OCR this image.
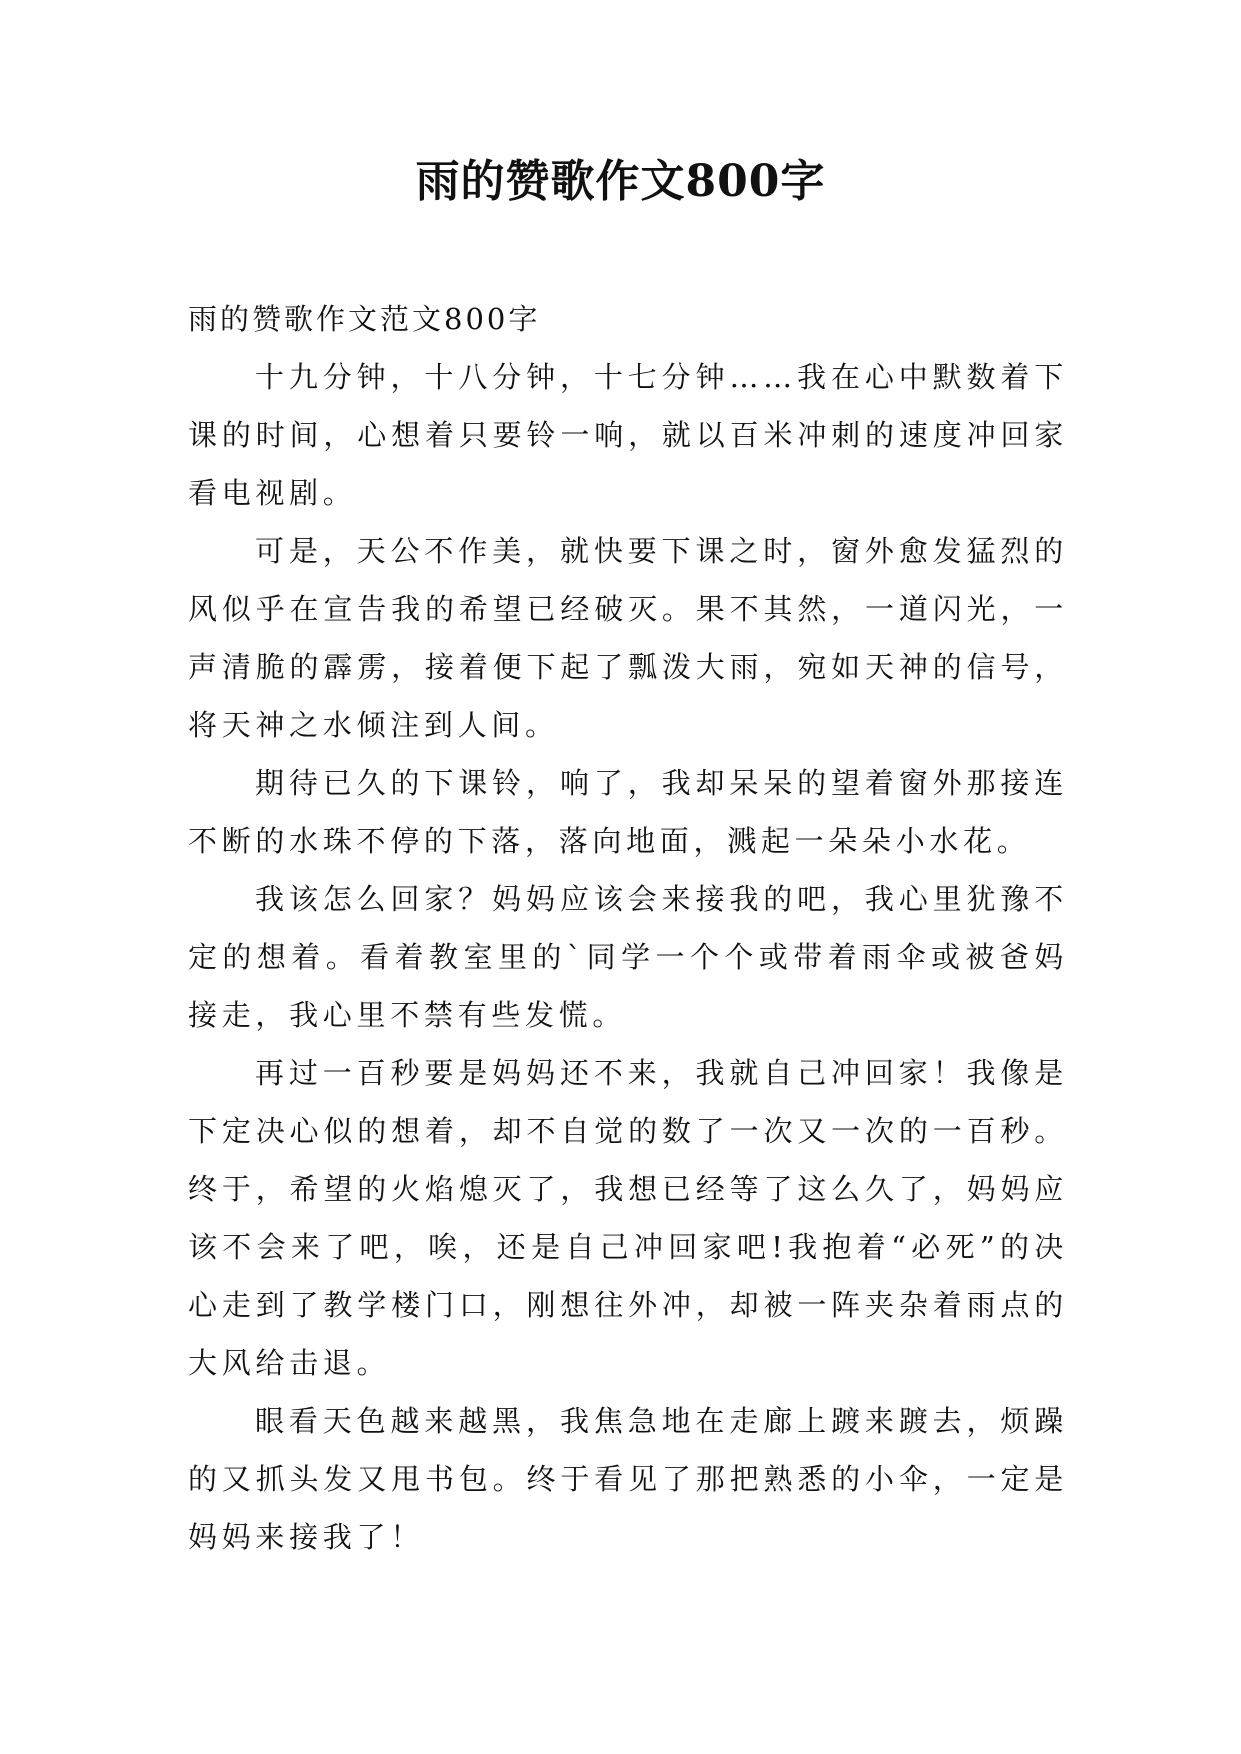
雨的赞歌作文800字

雨的赞歌作文范文800字

十九分钟，十八分钟，十七分钟……我在心中默数着下课的时间，心想着只要铃一响，就以百米冲刺的速度冲回家看电视剧。

可是，天公不作美，就快要下课之时，窗外愈发猛烈的风似乎在宣告我的希望已经破灭。果不其然，一道闪光，一声清脆的霹雳，接着便下起了瓢泼大雨，宛如天神的信号，将天神之水倾注到人间。

期待已久的下课铃，响了，我却呆呆的望着窗外那接连不断的水珠不停的下落，落向地面，溅起一朵朵小水花。

我该怎么回家？妈妈应该会来接我的吧，我心里犹豫不定的想着。看着教室里的`同学一个个或带着雨伞或被爸妈接走，我心里不禁有些发慌。

再过一百秒要是妈妈还不来，我就自己冲回家！我像是下定决心似的想着，却不自觉的数了一次又一次的一百秒。终于，希望的火焰熄灭了，我想已经等了这么久了，妈妈应该不会来了吧，唉，还是自己冲回家吧!我抱着“必死”的决心走到了教学楼门口，刚想往外冲，却被一阵夹杂着雨点的大风给击退。

眼看天色越来越黑，我焦急地在走廊上踱来踱去，烦躁的又抓头发又甩书包。终于看见了那把熟悉的小伞，一定是妈妈来接我了！
